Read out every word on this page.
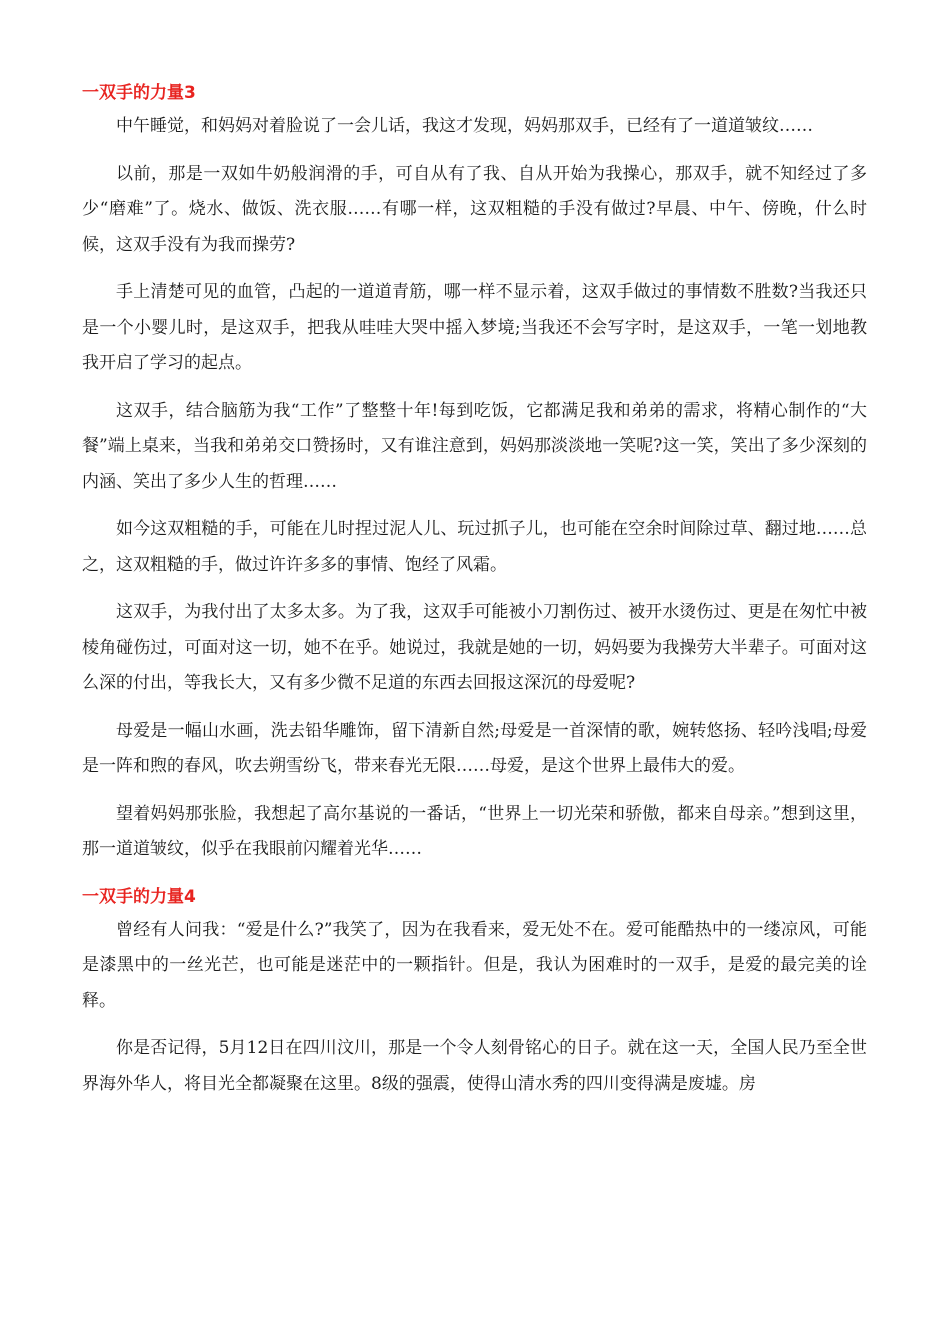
一双手的力量3

中午睡觉，和妈妈对着脸说了一会儿话，我这才发现，妈妈那双手，已经有了一道道皱纹……

以前，那是一双如牛奶般润滑的手，可自从有了我、自从开始为我操心，那双手，就不知经过了多少“磨难”了。烧水、做饭、洗衣服……有哪一样，这双粗糙的手没有做过?早晨、中午、傍晚，什么时候，这双手没有为我而操劳?

手上清楚可见的血管，凸起的一道道青筋，哪一样不显示着，这双手做过的事情数不胜数?当我还只是一个小婴儿时，是这双手，把我从哇哇大哭中摇入梦境;当我还不会写字时，是这双手，一笔一划地教我开启了学习的起点。

这双手，结合脑筋为我“工作”了整整十年!每到吃饭，它都满足我和弟弟的需求，将精心制作的“大餐”端上桌来，当我和弟弟交口赞扬时，又有谁注意到，妈妈那淡淡地一笑呢?这一笑，笑出了多少深刻的内涵、笑出了多少人生的哲理……

如今这双粗糙的手，可能在儿时捏过泥人儿、玩过抓子儿，也可能在空余时间除过草、翻过地……总之，这双粗糙的手，做过许许多多的事情、饱经了风霜。

这双手，为我付出了太多太多。为了我，这双手可能被小刀割伤过、被开水烫伤过、更是在匆忙中被棱角碰伤过，可面对这一切，她不在乎。她说过，我就是她的一切，妈妈要为我操劳大半辈子。可面对这么深的付出，等我长大，又有多少微不足道的东西去回报这深沉的母爱呢?

母爱是一幅山水画，洗去铅华雕饰，留下清新自然;母爱是一首深情的歌，婉转悠扬、轻吟浅唱;母爱是一阵和煦的春风，吹去朔雪纷飞，带来春光无限……母爱，是这个世界上最伟大的爱。

望着妈妈那张脸，我想起了高尔基说的一番话，“世界上一切光荣和骄傲，都来自母亲。”想到这里，那一道道皱纹，似乎在我眼前闪耀着光华……

一双手的力量4

曾经有人问我：“爱是什么?”我笑了，因为在我看来，爱无处不在。爱可能酷热中的一缕凉风，可能是漆黑中的一丝光芒，也可能是迷茫中的一颗指针。但是，我认为困难时的一双手，是爱的最完美的诠释。

你是否记得，5月12日在四川汶川，那是一个令人刻骨铭心的日子。就在这一天，全国人民乃至全世界海外华人，将目光全都凝聚在这里。8级的强震，使得山清水秀的四川变得满是废墟。房
